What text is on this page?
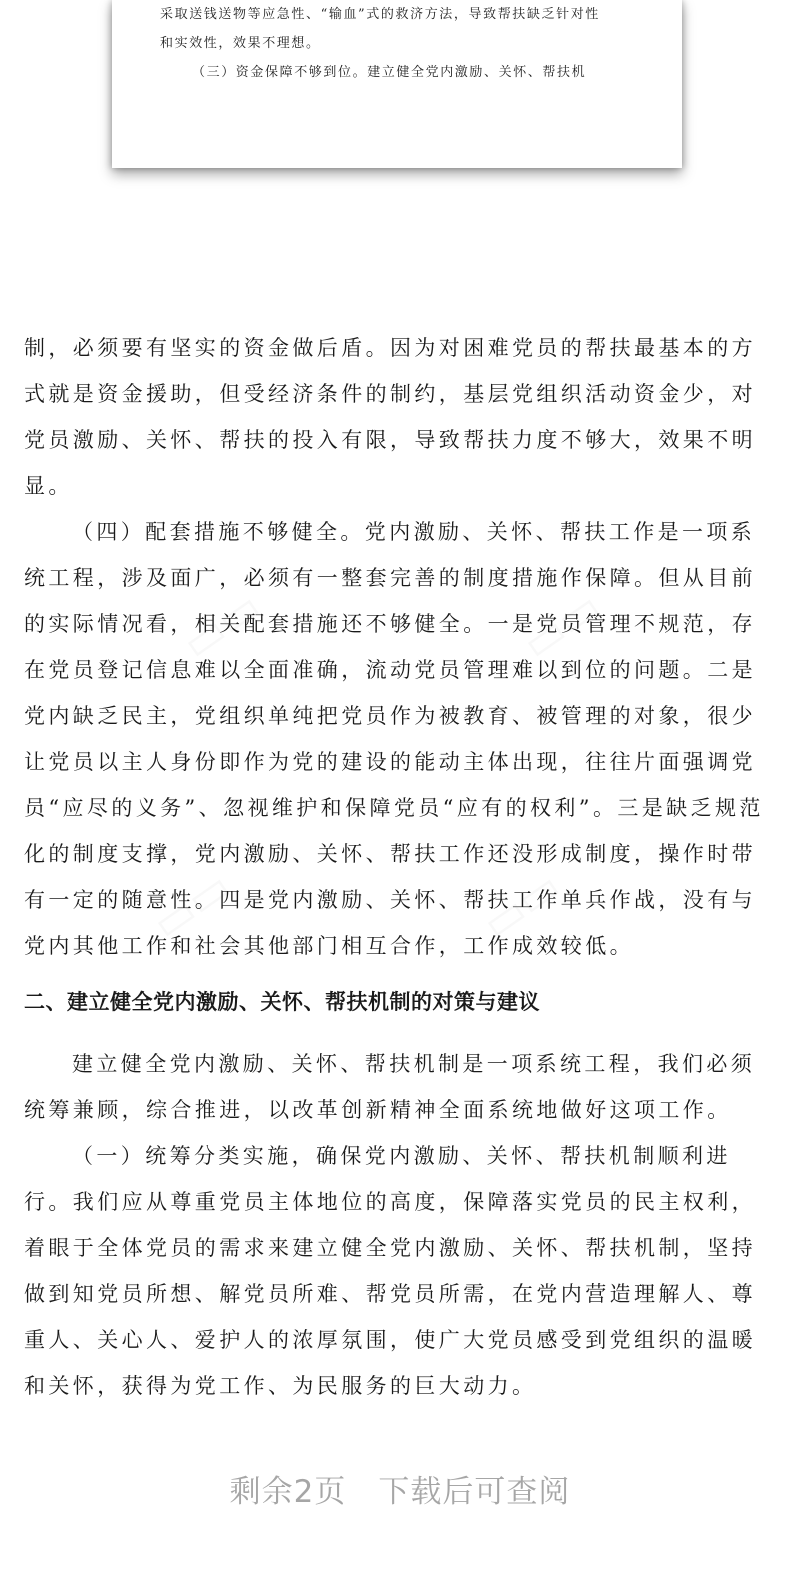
▭▭	▭▭
▭▭	▭▭

采取送钱送物等应急性、“输血”式的救济方法，导致帮扶缺乏针对性

和实效性，效果不理想。

（三）资金保障不够到位。建立健全党内激励、关怀、帮扶机

制，必须要有坚实的资金做后盾。因为对困难党员的帮扶最基本的方

式就是资金援助，但受经济条件的制约，基层党组织活动资金少，对

党员激励、关怀、帮扶的投入有限，导致帮扶力度不够大，效果不明

显。

（四）配套措施不够健全。党内激励、关怀、帮扶工作是一项系

统工程，涉及面广，必须有一整套完善的制度措施作保障。但从目前

的实际情况看，相关配套措施还不够健全。一是党员管理不规范，存

在党员登记信息难以全面准确，流动党员管理难以到位的问题。二是

党内缺乏民主，党组织单纯把党员作为被教育、被管理的对象，很少

让党员以主人身份即作为党的建设的能动主体出现，往往片面强调党

员“应尽的义务”、忽视维护和保障党员“应有的权利”。三是缺乏规范

化的制度支撑，党内激励、关怀、帮扶工作还没形成制度，操作时带

有一定的随意性。四是党内激励、关怀、帮扶工作单兵作战，没有与

党内其他工作和社会其他部门相互合作，工作成效较低。

二、建立健全党内激励、关怀、帮扶机制的对策与建议

建立健全党内激励、关怀、帮扶机制是一项系统工程，我们必须

统筹兼顾，综合推进，以改革创新精神全面系统地做好这项工作。

（一）统筹分类实施，确保党内激励、关怀、帮扶机制顺利进

行。我们应从尊重党员主体地位的高度，保障落实党员的民主权利，

着眼于全体党员的需求来建立健全党内激励、关怀、帮扶机制，坚持

做到知党员所想、解党员所难、帮党员所需，在党内营造理解人、尊

重人、关心人、爱护人的浓厚氛围，使广大党员感受到党组织的温暖

和关怀，获得为党工作、为民服务的巨大动力。

剩余2页 下载后可查阅
